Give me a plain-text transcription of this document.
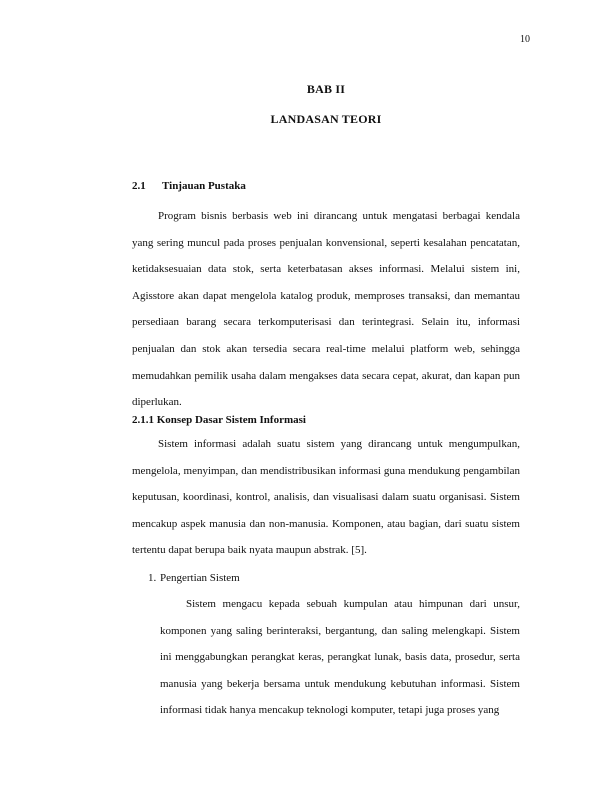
10
BAB II
LANDASAN TEORI
2.1 Tinjauan Pustaka

Program bisnis berbasis web ini dirancang untuk mengatasi berbagai kendala yang sering muncul pada proses penjualan konvensional, seperti kesalahan pencatatan, ketidaksesuaian data stok, serta keterbatasan akses informasi. Melalui sistem ini, Agisstore akan dapat mengelola katalog produk, memproses transaksi, dan memantau persediaan barang secara terkomputerisasi dan terintegrasi. Selain itu, informasi penjualan dan stok akan tersedia secara real-time melalui platform web, sehingga memudahkan pemilik usaha dalam mengakses data secara cepat, akurat, dan kapan pun diperlukan.

2.1.1 Konsep Dasar Sistem Informasi

Sistem informasi adalah suatu sistem yang dirancang untuk mengumpulkan, mengelola, menyimpan, dan mendistribusikan informasi guna mendukung pengambilan keputusan, koordinasi, kontrol, analisis, dan visualisasi dalam suatu organisasi. Sistem mencakup aspek manusia dan non-manusia. Komponen, atau bagian, dari suatu sistem tertentu dapat berupa baik nyata maupun abstrak. [5].

1. Pengertian Sistem

Sistem mengacu kepada sebuah kumpulan atau himpunan dari unsur, komponen yang saling berinteraksi, bergantung, dan saling melengkapi. Sistem ini menggabungkan perangkat keras, perangkat lunak, basis data, prosedur, serta manusia yang bekerja bersama untuk mendukung kebutuhan informasi. Sistem informasi tidak hanya mencakup teknologi komputer, tetapi juga proses yang
